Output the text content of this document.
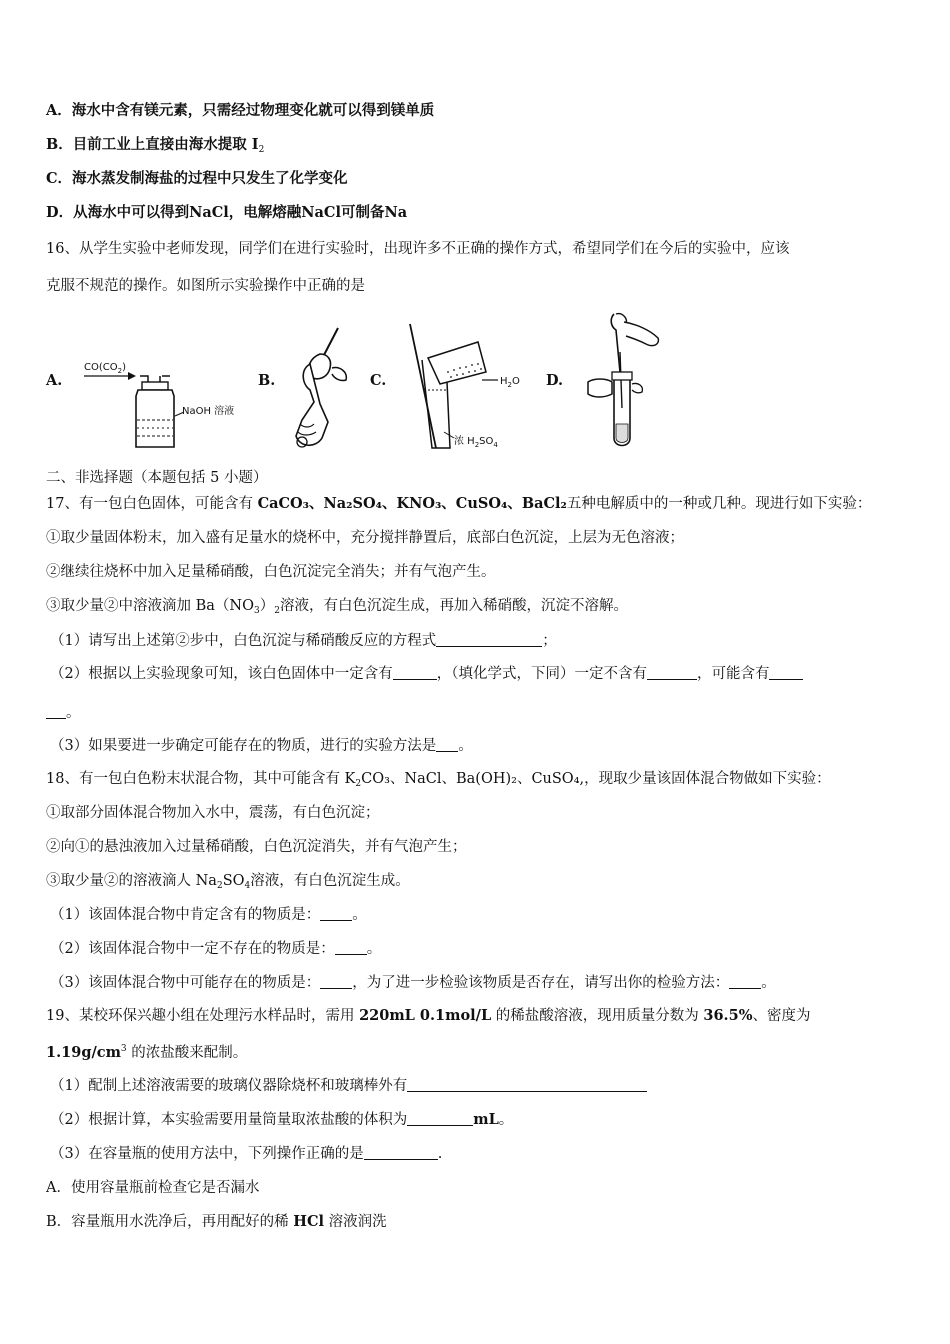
A．海水中含有镁元素，只需经过物理变化就可以得到镁单质
B．目前工业上直接由海水提取 $I_2$
C．海水蒸发制海盐的过程中只发生了化学变化
D．从海水中可以得到NaCl，电解熔融NaCl可制备Na
16、从学生实验中老师发现，同学们在进行实验时，出现许多不正确的操作方式，希望同学们在今后的实验中，应该
克服不规范的操作。如图所示实验操作中正确的是
A.	B.	C.	D.
$CO(CO_2)$
NaOH 溶液
$H_2O$
浓 $H_2SO_4$
二、非选择题（本题包括 5 小题）
17、有一包白色固体，可能含有 CaCO₃、Na₂SO₄、KNO₃、CuSO₄、BaCl₂五种电解质中的一种或几种。现进行如下实验：
①取少量固体粉末，加入盛有足量水的烧杯中，充分搅拌静置后，底部白色沉淀，上层为无色溶液；
②继续往烧杯中加入足量稀硝酸，白色沉淀完全消失；并有气泡产生。
③取少量②中溶液滴加 $Ba(NO_3)_2$溶液，有白色沉淀生成，再加入稀硝酸，沉淀不溶解。
（1）请写出上述第②步中，白色沉淀与稀硝酸反应的方程式	；
（2）根据以上实验现象可知，该白色固体中一定含有	，（填化学式，下同）一定不含有	，可能含有
。
（3）如果要进一步确定可能存在的物质，进行的实验方法是 。
18、有一包白色粉末状混合物，其中可能含有 $K_2CO_3$、NaCl、Ba(OH)₂、CuSO₄,，现取少量该固体混合物做如下实验：
①取部分固体混合物加入水中，震荡，有白色沉淀；
②向①的悬浊液加入过量稀硝酸，白色沉淀消失，并有气泡产生；
③取少量②的溶液滴人 $Na_2SO_4$溶液，有白色沉淀生成。
（1）该固体混合物中肯定含有的物质是： 。
（2）该固体混合物中一定不存在的物质是： 。
（3）该固体混合物中可能存在的物质是： ，为了进一步检验该物质是否存在，请写出你的检验方法： 。
19、某校环保兴趣小组在处理污水样品时，需用 220mL 0.1mol/L 的稀盐酸溶液，现用质量分数为 36.5%、密度为
$1.19g/cm^3$ 的浓盐酸来配制。
（1）配制上述溶液需要的玻璃仪器除烧杯和玻璃棒外有
（2）根据计算，本实验需要用量筒量取浓盐酸的体积为	mL。
（3）在容量瓶的使用方法中，下列操作正确的是	.
A．使用容量瓶前检查它是否漏水
B．容量瓶用水洗净后，再用配好的稀 HCl 溶液润洗
